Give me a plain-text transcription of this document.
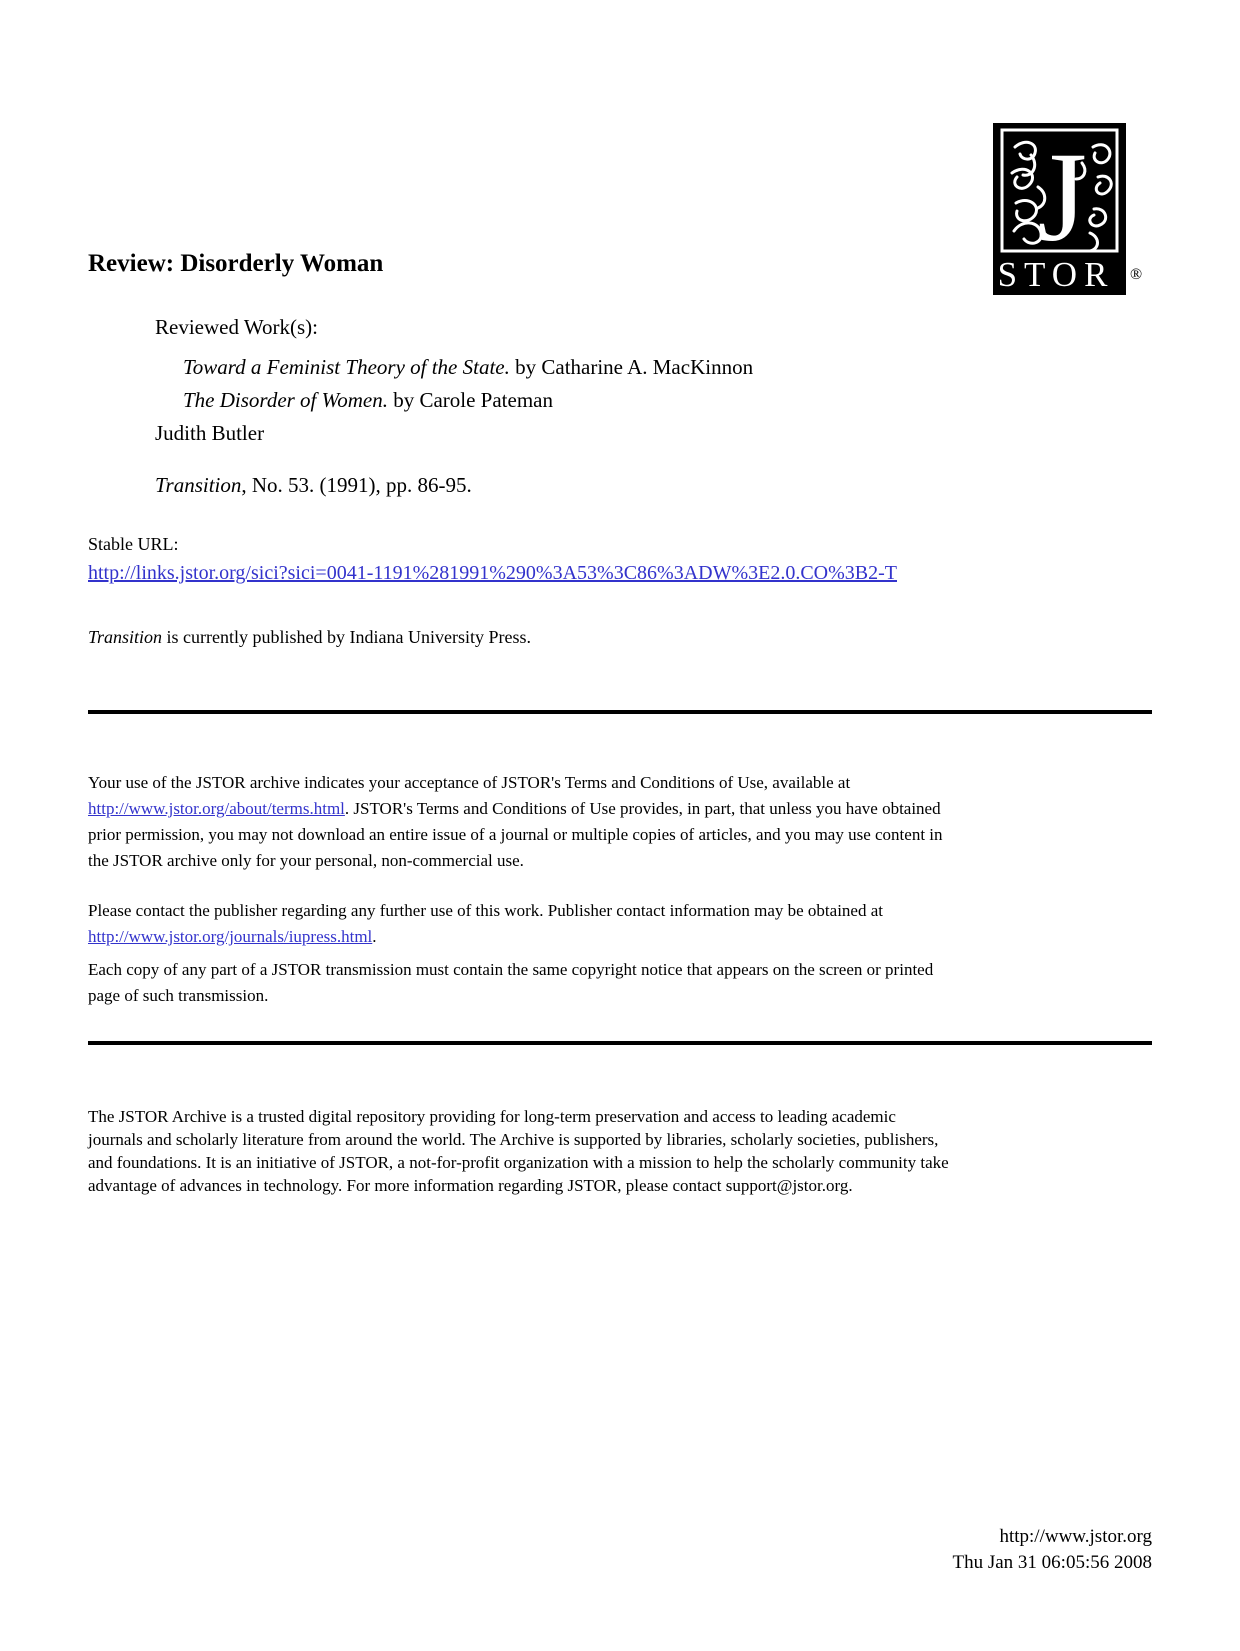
J
STOR ®
Review: Disorderly Woman
Reviewed Work(s):
Toward a Feminist Theory of the State. by Catharine A. MacKinnon
The Disorder of Women. by Carole Pateman
Judith Butler
Transition, No. 53. (1991), pp. 86-95.
Stable URL:
http://links.jstor.org/sici?sici=0041-1191%281991%290%3A53%3C86%3ADW%3E2.0.CO%3B2-T
Transition is currently published by Indiana University Press.
Your use of the JSTOR archive indicates your acceptance of JSTOR's Terms and Conditions of Use, available at
http://www.jstor.org/about/terms.html. JSTOR's Terms and Conditions of Use provides, in part, that unless you have obtained
prior permission, you may not download an entire issue of a journal or multiple copies of articles, and you may use content in
the JSTOR archive only for your personal, non-commercial use.
Please contact the publisher regarding any further use of this work. Publisher contact information may be obtained at
http://www.jstor.org/journals/iupress.html.
Each copy of any part of a JSTOR transmission must contain the same copyright notice that appears on the screen or printed
page of such transmission.
The JSTOR Archive is a trusted digital repository providing for long-term preservation and access to leading academic
journals and scholarly literature from around the world. The Archive is supported by libraries, scholarly societies, publishers,
and foundations. It is an initiative of JSTOR, a not-for-profit organization with a mission to help the scholarly community take
advantage of advances in technology. For more information regarding JSTOR, please contact support@jstor.org.
http://www.jstor.org
Thu Jan 31 06:05:56 2008
